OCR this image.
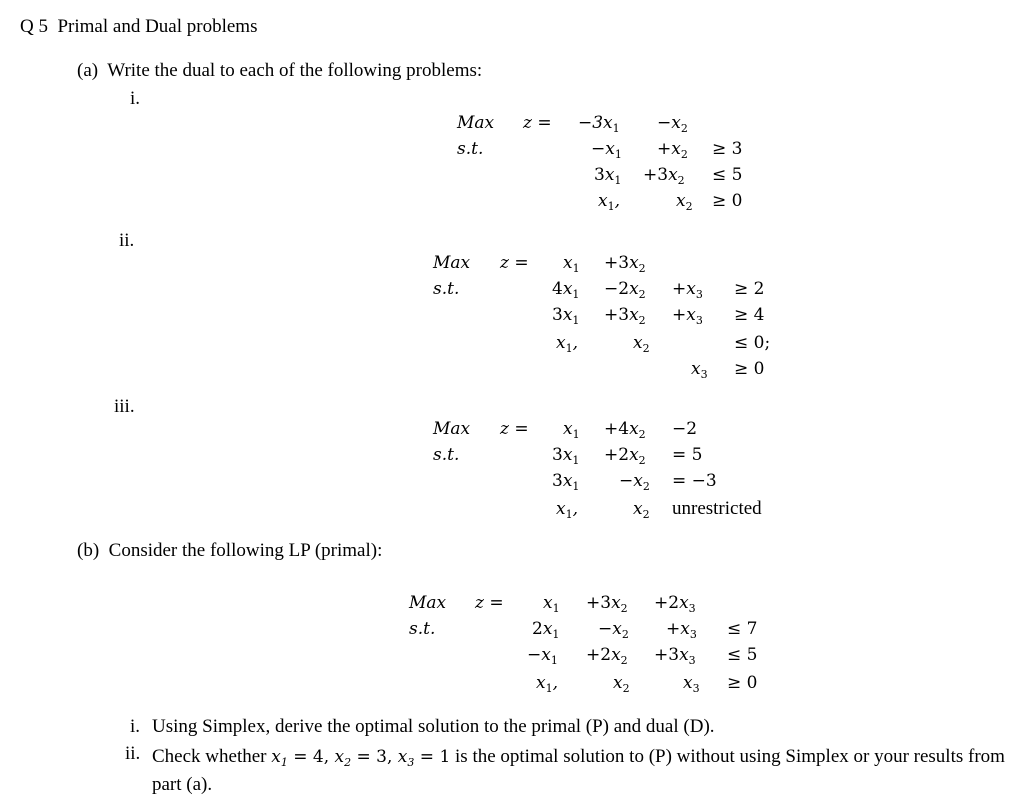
Q 5 Primal and Dual problems
(a) Write the dual to each of the following problems:
i.
Max $z = -3x_1 -x_2$
s.t.	$-x_1 +x_2 \ge 3$
$3x_1 +3x_2 \le 5$
$x_1$,	$x_2 \ge 0$
ii.
Max $z = x_1 +3x_2$
s.t.	$4x_1 -2x_2 +x_3 \ge 2$
$3x_1 +3x_2 +x_3 \ge 4$
$x_1$,	$x_2$	≤ 0;
$x_3 \ge 0$
iii.
Max $z = x_1 +4x_2 -2$
s.t.	$3x_1 +2x_2 = 5$
$3x_1 -x_2 = -3$
$x_1$,	$x_2$ unrestricted
(b) Consider the following LP (primal):
Max $z = x_1 +3x_2 +2x_3$
s.t.	$2x_1 -x_2 +x_3 \le 7$
$-x_1 +2x_2 +3x_3 \le 5$
$x_1$,	$x_2$	$x_3 \ge 0$
i. Using Simplex, derive the optimal solution to the primal (P) and dual (D).
ii. Check whether $x_1 = 4$, $x_2 = 3$, $x_3 = 1$ is the optimal solution to (P) without using Simplex or your results from part (a).
